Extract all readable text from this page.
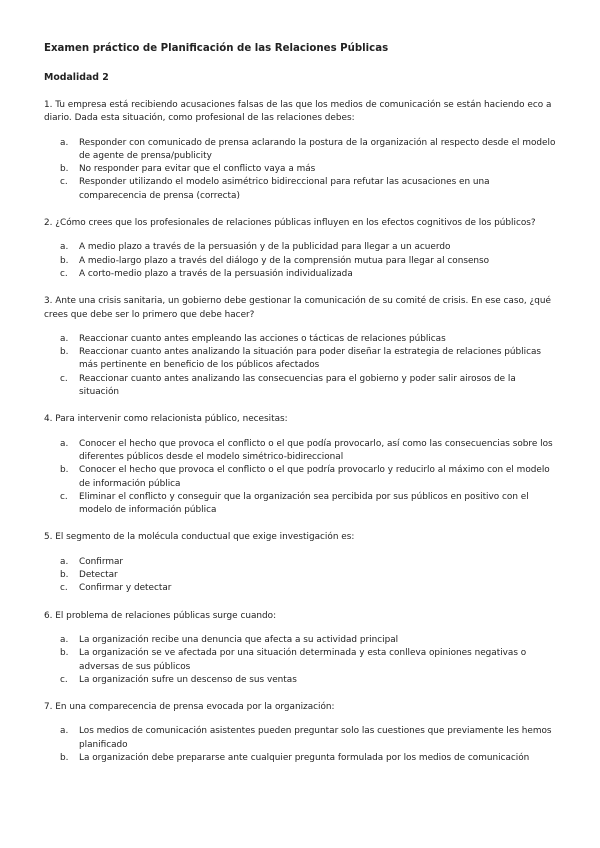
Examen práctico de Planificación de las Relaciones Públicas
Modalidad 2
1. Tu empresa está recibiendo acusaciones falsas de las que los medios de comunicación se están haciendo eco a diario. Dada esta situación, como profesional de las relaciones debes:
a. Responder con comunicado de prensa aclarando la postura de la organización al respecto desde el modelo de agente de prensa/publicity
b. No responder para evitar que el conflicto vaya a más
c. Responder utilizando el modelo asimétrico bidireccional para refutar las acusaciones en una comparecencia de prensa (correcta)
2. ¿Cómo crees que los profesionales de relaciones públicas influyen en los efectos cognitivos de los públicos?
a. A medio plazo a través de la persuasión y de la publicidad para llegar a un acuerdo
b. A medio-largo plazo a través del diálogo y de la comprensión mutua para llegar al consenso
c. A corto-medio plazo a través de la persuasión individualizada
3. Ante una crisis sanitaria, un gobierno debe gestionar la comunicación de su comité de crisis. En ese caso, ¿qué crees que debe ser lo primero que debe hacer?
a. Reaccionar cuanto antes empleando las acciones o tácticas de relaciones públicas
b. Reaccionar cuanto antes analizando la situación para poder diseñar la estrategia de relaciones públicas más pertinente en beneficio de los públicos afectados
c. Reaccionar cuanto antes analizando las consecuencias para el gobierno y poder salir airosos de la situación
4. Para intervenir como relacionista público, necesitas:
a. Conocer el hecho que provoca el conflicto o el que podía provocarlo, así como las consecuencias sobre los diferentes públicos desde el modelo simétrico-bidireccional
b. Conocer el hecho que provoca el conflicto o el que podría provocarlo y reducirlo al máximo con el modelo de información pública
c. Eliminar el conflicto y conseguir que la organización sea percibida por sus públicos en positivo con el modelo de información pública
5. El segmento de la molécula conductual que exige investigación es:
a. Confirmar
b. Detectar
c. Confirmar y detectar
6. El problema de relaciones públicas surge cuando:
a. La organización recibe una denuncia que afecta a su actividad principal
b. La organización se ve afectada por una situación determinada y esta conlleva opiniones negativas o adversas de sus públicos
c. La organización sufre un descenso de sus ventas
7. En una comparecencia de prensa evocada por la organización:
a. Los medios de comunicación asistentes pueden preguntar solo las cuestiones que previamente les hemos planificado
b. La organización debe prepararse ante cualquier pregunta formulada por los medios de comunicación
